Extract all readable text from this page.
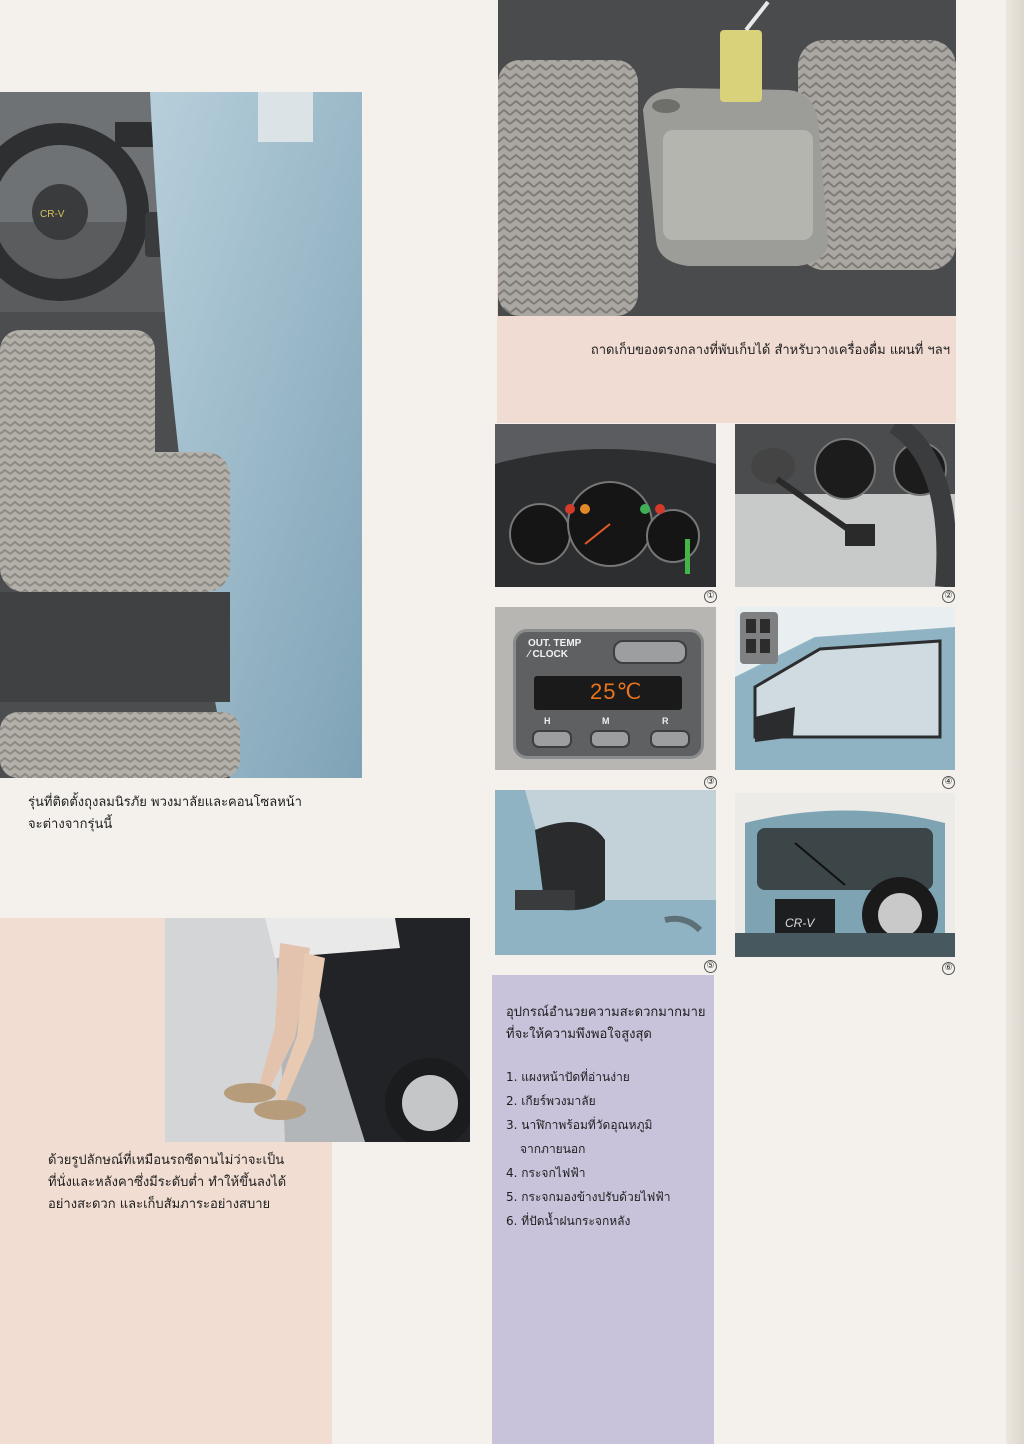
CR-V
①	②
OUT. TEMP
⁄ CLOCK
25℃
H	M	R
③	④
⑤
CR-V
⑥
ถาดเก็บของตรงกลางที่พับเก็บได้ สำหรับวางเครื่องดื่ม แผนที่ ฯลฯ
รุ่นที่ติดตั้งถุงลมนิรภัย พวงมาลัยและคอนโซลหน้า
จะต่างจากรุ่นนี้
ด้วยรูปลักษณ์ที่เหมือนรถซีดานไม่ว่าจะเป็น
ที่นั่งและหลังคาซึ่งมีระดับต่ำ ทำให้ขึ้นลงได้
อย่างสะดวก และเก็บสัมภาระอย่างสบาย
อุปกรณ์อำนวยความสะดวกมากมาย
ที่จะให้ความพึงพอใจสูงสุด
1. แผงหน้าปัดที่อ่านง่าย
2. เกียร์พวงมาลัย
3. นาฬิกาพร้อมที่วัดอุณหภูมิ
จากภายนอก
4. กระจกไฟฟ้า
5. กระจกมองข้างปรับด้วยไฟฟ้า
6. ที่ปัดน้ำฝนกระจกหลัง
